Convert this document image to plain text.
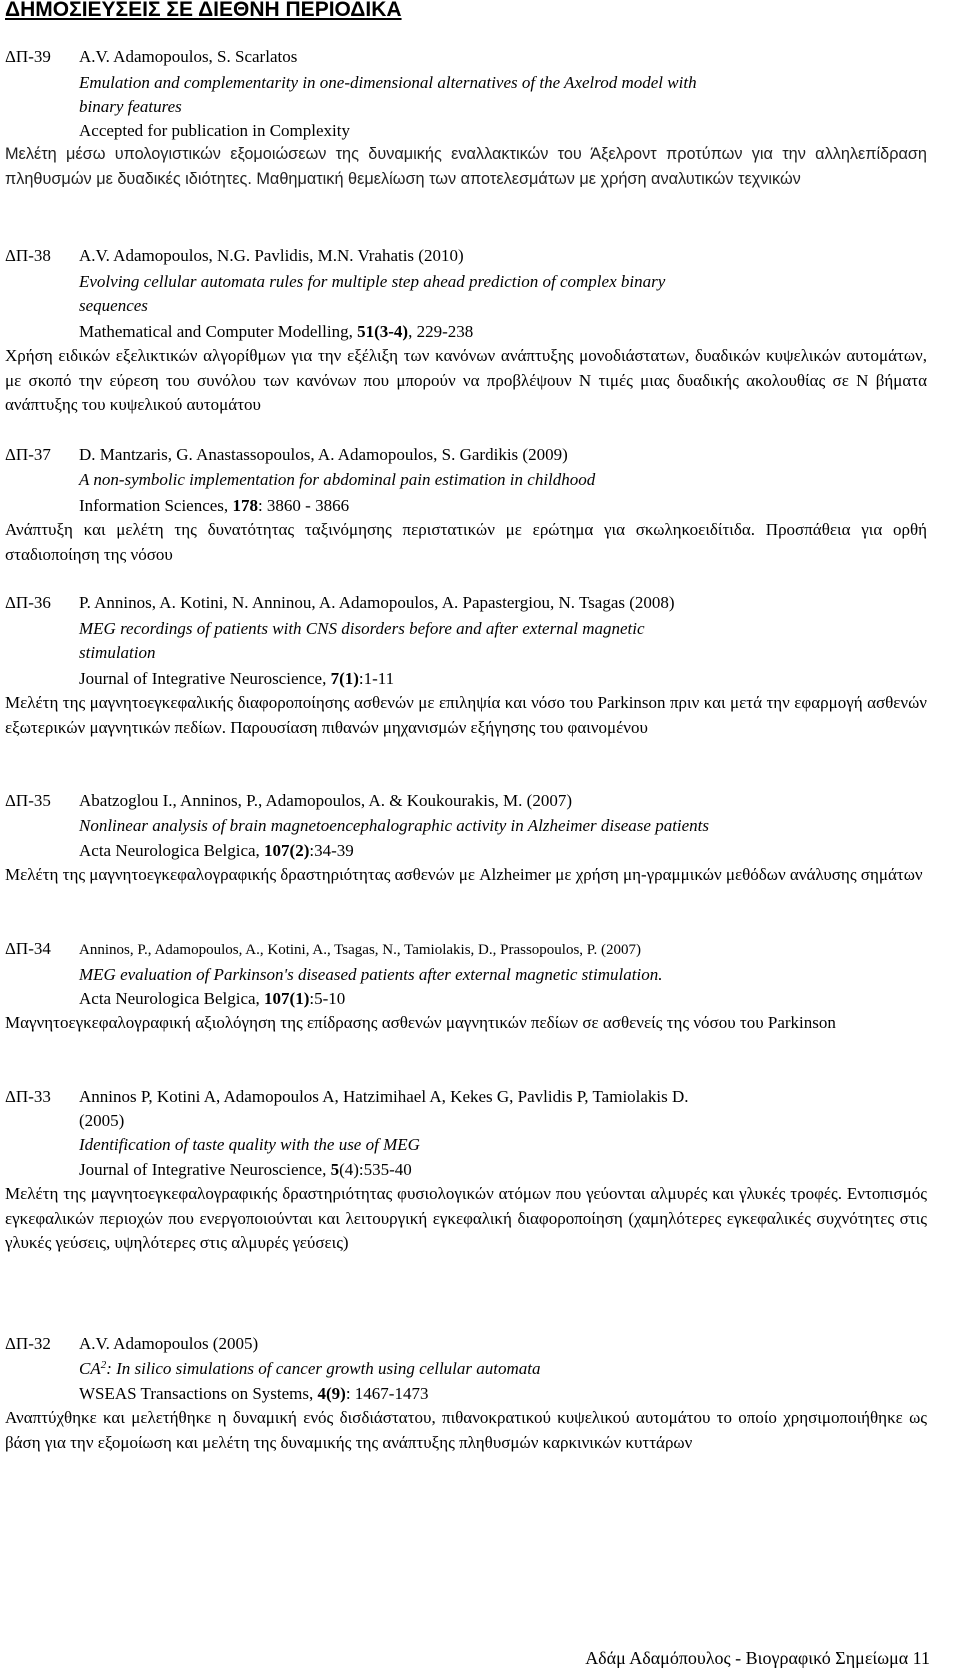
ΔΗΜΟΣΙΕΥΣΕΙΣ ΣΕ ΔΙΕΘΝΗ ΠΕΡΙΟΔΙΚΑ
ΔΠ-39 A.V. Adamopoulos, S. Scarlatos
Emulation and complementarity in one-dimensional alternatives of the Axelrod model with
binary features
Accepted for publication in Complexity
Μελέτη μέσω υπολογιστικών εξομοιώσεων της δυναμικής εναλλακτικών του Άξελροντ προτύπων για την αλληλεπίδραση πληθυσμών με δυαδικές ιδιότητες. Μαθηματική θεμελίωση των αποτελεσμάτων με χρήση αναλυτικών τεχνικών
ΔΠ-38 A.V. Adamopoulos, N.G. Pavlidis, M.N. Vrahatis (2010)
Evolving cellular automata rules for multiple step ahead prediction of complex binary
sequences
Mathematical and Computer Modelling, 51(3-4), 229-238
Χρήση ειδικών εξελικτικών αλγορίθμων για την εξέλιξη των κανόνων ανάπτυξης μονοδιάστατων, δυαδικών κυψελικών αυτομάτων, με σκοπό την εύρεση του συνόλου των κανόνων που μπορούν να προβλέψουν Ν τιμές μιας δυαδικής ακολουθίας σε Ν βήματα ανάπτυξης του κυψελικού αυτομάτου
ΔΠ-37 D. Mantzaris, G. Anastassopoulos, A. Adamopoulos, S. Gardikis (2009)
A non-symbolic implementation for abdominal pain estimation in childhood
Information Sciences, 178: 3860 - 3866
Ανάπτυξη και μελέτη της δυνατότητας ταξινόμησης περιστατικών με ερώτημα για σκωληκοειδίτιδα. Προσπάθεια για ορθή σταδιοποίηση της νόσου
ΔΠ-36 P. Anninos, A. Kotini, N. Anninou, A. Adamopoulos, A. Papastergiou, N. Tsagas (2008)
MEG recordings of patients with CNS disorders before and after external magnetic
stimulation
Journal of Integrative Neuroscience, 7(1):1-11
Μελέτη της μαγνητοεγκεφαλικής διαφοροποίησης ασθενών με επιληψία και νόσο του Parkinson πριν και μετά την εφαρμογή ασθενών εξωτερικών μαγνητικών πεδίων. Παρουσίαση πιθανών μηχανισμών εξήγησης του φαινομένου
ΔΠ-35 Abatzoglou I., Anninos, P., Adamopoulos, A. & Koukourakis, M. (2007)
Nonlinear analysis of brain magnetoencephalographic activity in Alzheimer disease patients
Acta Neurologica Belgica, 107(2):34-39
Μελέτη της μαγνητοεγκεφαλογραφικής δραστηριότητας ασθενών με Alzheimer με χρήση μη-γραμμικών μεθόδων ανάλυσης σημάτων
ΔΠ-34 Anninos, P., Adamopoulos, A., Kotini, A., Tsagas, N., Tamiolakis, D., Prassopoulos, P. (2007)
MEG evaluation of Parkinson's diseased patients after external magnetic stimulation.
Acta Neurologica Belgica, 107(1):5-10
Μαγνητοεγκεφαλογραφική αξιολόγηση της επίδρασης ασθενών μαγνητικών πεδίων σε ασθενείς της νόσου του Parkinson
ΔΠ-33 Anninos P, Kotini A, Adamopoulos A, Hatzimihael A, Kekes G, Pavlidis P, Tamiolakis D.
(2005)
Identification of taste quality with the use of MEG
Journal of Integrative Neuroscience, 5(4):535-40
Μελέτη της μαγνητοεγκεφαλογραφικής δραστηριότητας φυσιολογικών ατόμων που γεύονται αλμυρές και γλυκές τροφές. Εντοπισμός εγκεφαλικών περιοχών που ενεργοποιούνται και λειτουργική εγκεφαλική διαφοροποίηση (χαμηλότερες εγκεφαλικές συχνότητες στις γλυκές γεύσεις, υψηλότερες στις αλμυρές γεύσεις)
ΔΠ-32 A.V. Adamopoulos (2005)
$CA^2$: In silico simulations of cancer growth using cellular automata
WSEAS Transactions on Systems, 4(9): 1467-1473
Αναπτύχθηκε και μελετήθηκε η δυναμική ενός δισδιάστατου, πιθανοκρατικού κυψελικού αυτομάτου το οποίο χρησιμοποιήθηκε ως βάση για την εξομοίωση και μελέτη της δυναμικής της ανάπτυξης πληθυσμών καρκινικών κυττάρων
Αδάμ Αδαμόπουλος - Βιογραφικό Σημείωμα 11
